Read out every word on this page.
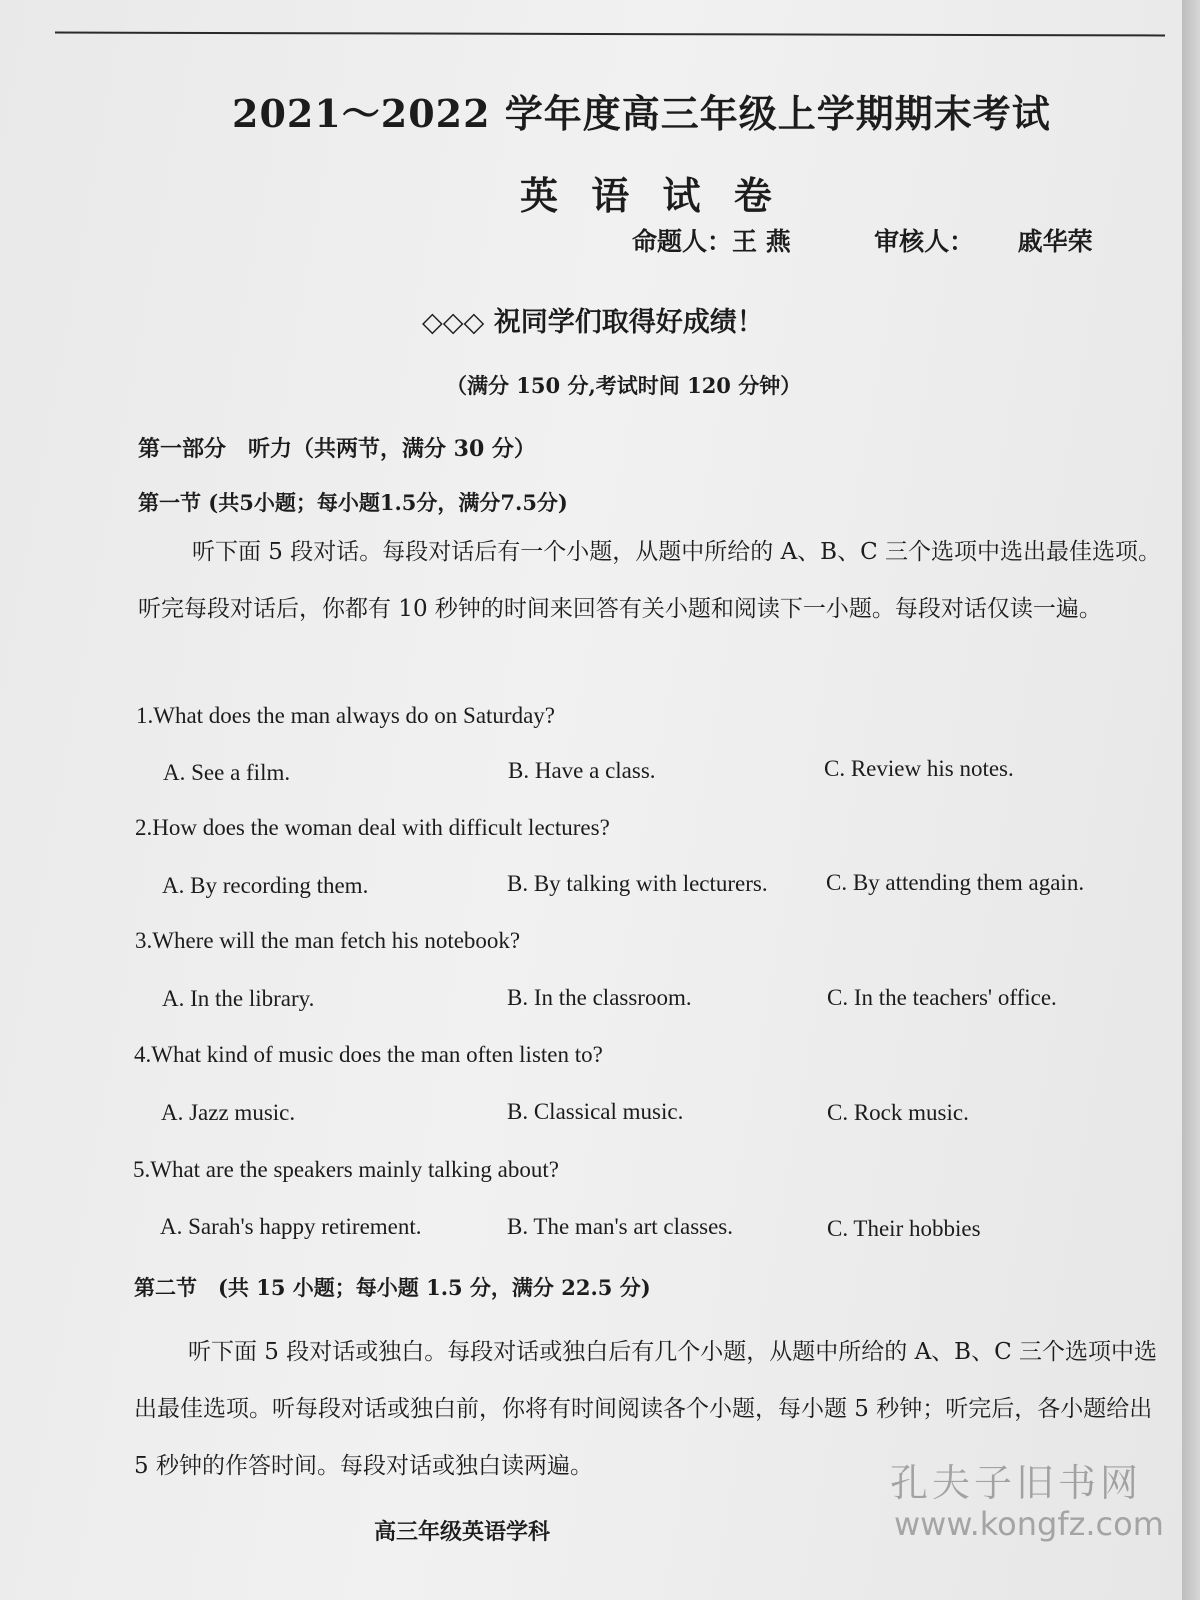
2021～2022 学年度高三年级上学期期末考试
英 语 试 卷
命题人：王 燕	审核人： 戚华荣
◇◇◇ 祝同学们取得好成绩！
（满分 150 分,考试时间 120 分钟）
第一部分　听力（共两节，满分 30 分）
第一节 (共5小题；每小题1.5分，满分7.5分)
听下面 5 段对话。每段对话后有一个小题，从题中所给的 A、B、C 三个选项中选出最佳选项。听完每段对话后，你都有 10 秒钟的时间来回答有关小题和阅读下一小题。每段对话仅读一遍。
1.What does the man always do on Saturday?
A. See a film.	B. Have a class.	C. Review his notes.
2.How does the woman deal with difficult lectures?
A. By recording them.	B. By talking with lecturers.	C. By attending them again.
3.Where will the man fetch his notebook?
A. In the library.	B. In the classroom.	C. In the teachers' office.
4.What kind of music does the man often listen to?
A. Jazz music.	B. Classical music.	C. Rock music.
5.What are the speakers mainly talking about?
A. Sarah's happy retirement.	B. The man's art classes.	C. Their hobbies
第二节　(共 15 小题；每小题 1.5 分，满分 22.5 分)
听下面 5 段对话或独白。每段对话或独白后有几个小题，从题中所给的 A、B、C 三个选项中选出最佳选项。听每段对话或独白前，你将有时间阅读各个小题，每小题 5 秒钟；听完后，各小题给出 5 秒钟的作答时间。每段对话或独白读两遍。
高三年级英语学科
孔夫子旧书网
www.kongfz.com
